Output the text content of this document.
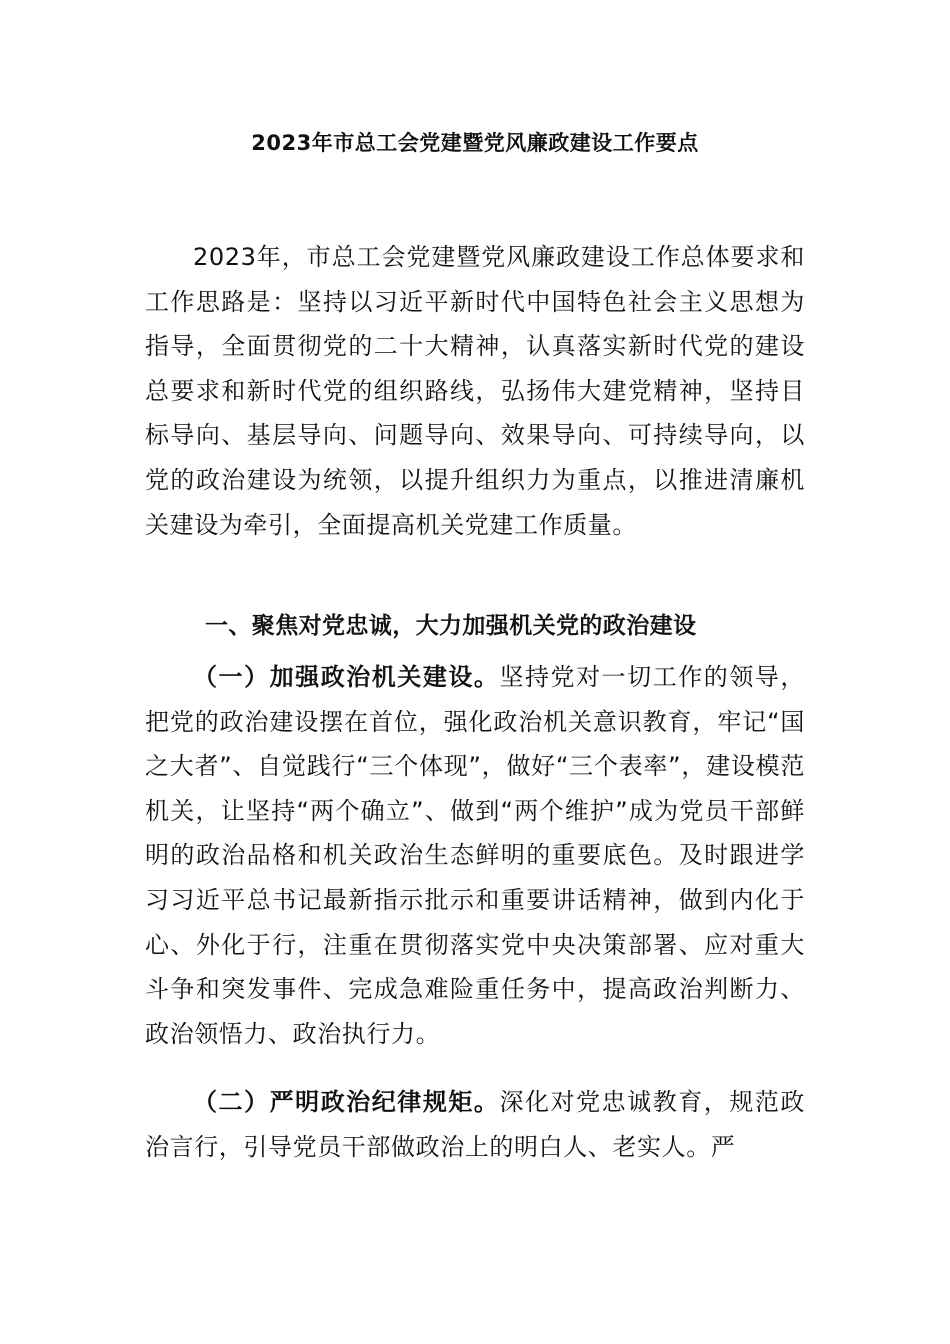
2023年市总工会党建暨党风廉政建设工作要点

2023年，市总工会党建暨党风廉政建设工作总体要求和工作思路是：坚持以习近平新时代中国特色社会主义思想为指导，全面贯彻党的二十大精神，认真落实新时代党的建设总要求和新时代党的组织路线，弘扬伟大建党精神，坚持目标导向、基层导向、问题导向、效果导向、可持续导向，以党的政治建设为统领，以提升组织力为重点，以推进清廉机关建设为牵引，全面提高机关党建工作质量。

一、聚焦对党忠诚，大力加强机关党的政治建设

（一）加强政治机关建设。坚持党对一切工作的领导，把党的政治建设摆在首位，强化政治机关意识教育，牢记“国之大者”、自觉践行“三个体现”，做好“三个表率”，建设模范机关，让坚持“两个确立”、做到“两个维护”成为党员干部鲜明的政治品格和机关政治生态鲜明的重要底色。及时跟进学习习近平总书记最新指示批示和重要讲话精神，做到内化于心、外化于行，注重在贯彻落实党中央决策部署、应对重大斗争和突发事件、完成急难险重任务中，提高政治判断力、政治领悟力、政治执行力。

（二）严明政治纪律规矩。深化对党忠诚教育，规范政治言行，引导党员干部做政治上的明白人、老实人。严
